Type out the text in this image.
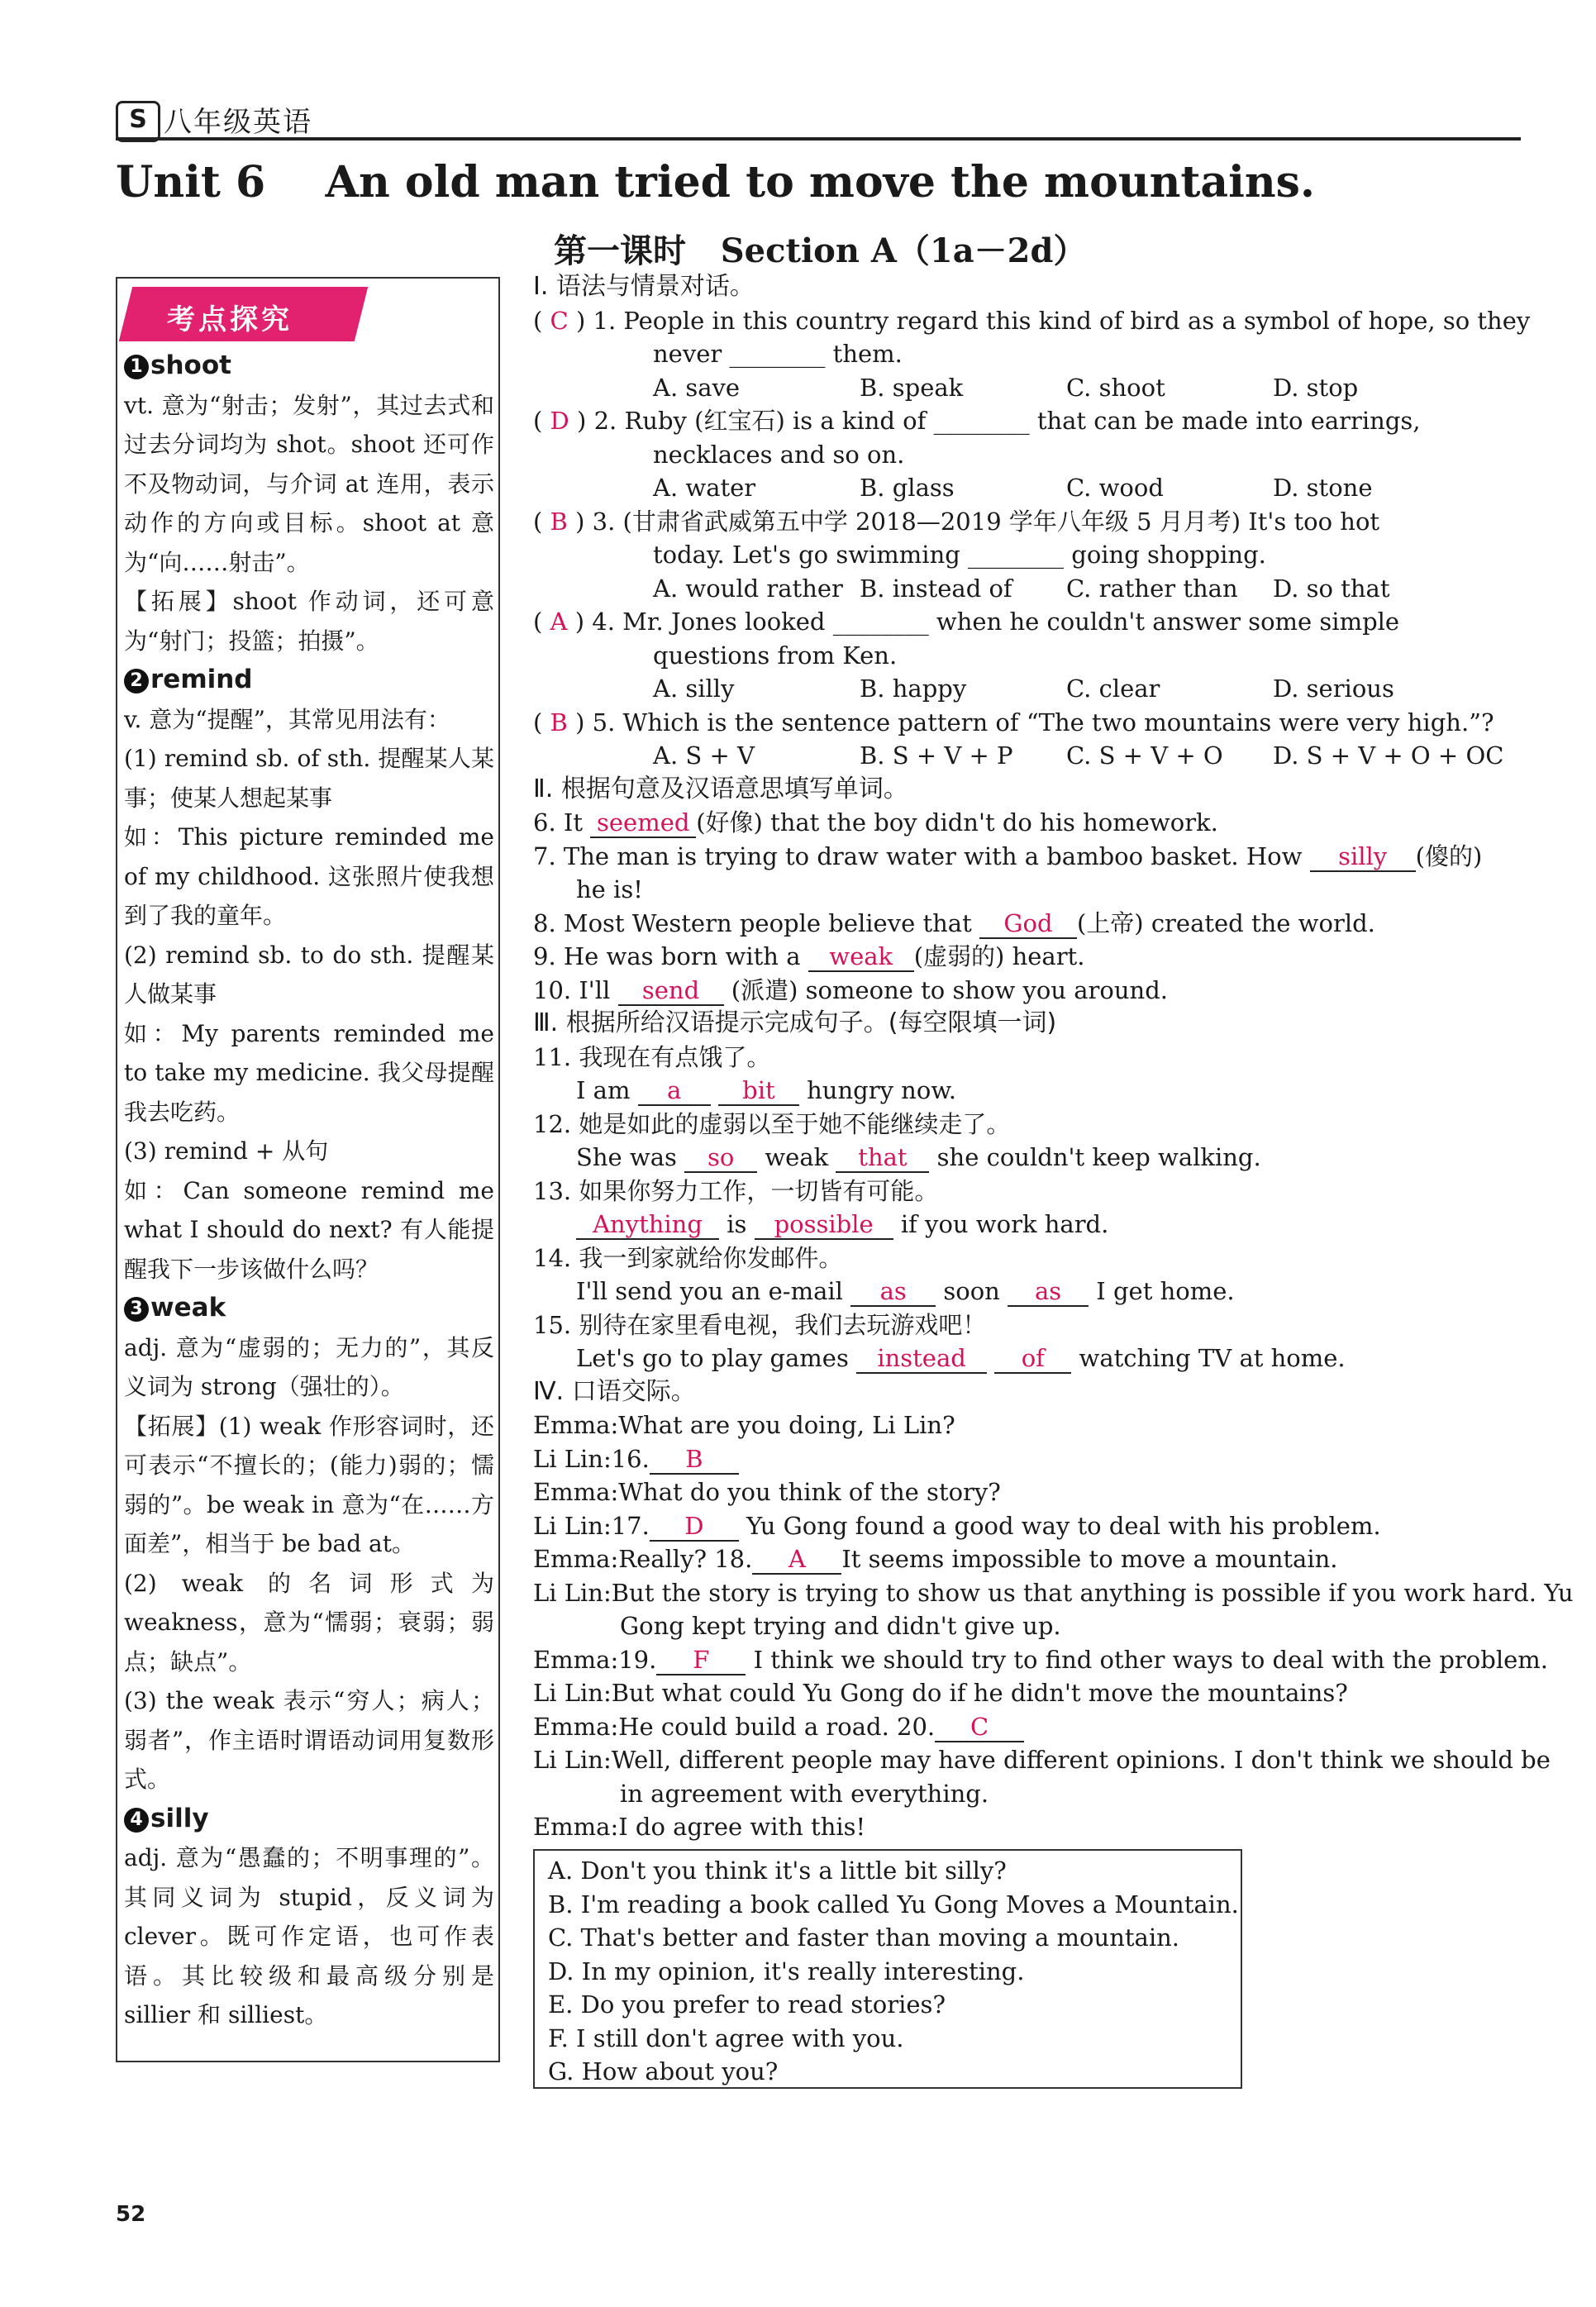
S 八年级英语
Unit 6    An old man tried to move the mountains.
第一课时   Section A（1a－2d）
考点探究

1 shoot

vt. 意为“射击；发射”，其过去式和过去分词均为 shot。shoot 还可作不及物动词，与介词 at 连用，表示动作的方向或目标。shoot at 意为“向……射击”。

【拓展】shoot 作动词，还可意为“射门；投篮；拍摄”。

2 remind

v. 意为“提醒”，其常见用法有：

(1) remind sb. of sth. 提醒某人某事；使某人想起某事

如：This picture reminded me of my childhood. 这张照片使我想到了我的童年。

(2) remind sb. to do sth. 提醒某人做某事

如：My parents reminded me to take my medicine. 我父母提醒我去吃药。

(3) remind + 从句

如：Can someone remind me what I should do next? 有人能提醒我下一步该做什么吗？

3 weak

adj. 意为“虚弱的；无力的”，其反义词为 strong（强壮的）。

【拓展】(1) weak 作形容词时，还可表示“不擅长的；(能力)弱的；懦弱的”。be weak in 意为“在……方面差”，相当于 be bad at。

(2) weak 的名词形式为 weakness，意为“懦弱；衰弱；弱点；缺点”。

(3) the weak 表示“穷人；病人；弱者”，作主语时谓语动词用复数形式。

4 silly

adj. 意为“愚蠢的；不明事理的”。其同义词为 stupid，反义词为 clever。既可作定语，也可作表语。其比较级和最高级分别是 sillier 和 silliest。

Ⅰ. 语法与情景对话。

( C ) 1. People in this country regard this kind of bird as a symbol of hope, so they

never ________ them.

A. save	B. speak	C. shoot	D. stop

( D ) 2. Ruby (红宝石) is a kind of ________ that can be made into earrings,

necklaces and so on.

A. water	B. glass	C. wood	D. stone

( B ) 3. (甘肃省武威第五中学 2018—2019 学年八年级 5 月月考) It's too hot

today. Let's go swimming ________ going shopping.

A. would rather B. instead of	C. rather than	D. so that

( A ) 4. Mr. Jones looked ________ when he couldn't answer some simple

questions from Ken.

A. silly	B. happy	C. clear	D. serious

( B ) 5. Which is the sentence pattern of “The two mountains were very high.”?

A. S + V	B. S + V + P	C. S + V + O	D. S + V + O + OC

Ⅱ. 根据句意及汉语意思填写单词。

6. It seemed (好像) that the boy didn't do his homework.

7. The man is trying to draw water with a bamboo basket. How silly (傻的)

he is!

8. Most Western people believe that God (上帝) created the world.

9. He was born with a weak (虚弱的) heart.

10. I'll send (派遣) someone to show you around.

Ⅲ. 根据所给汉语提示完成句子。(每空限填一词)

11. 我现在有点饿了。

I am a	bit hungry now.

12. 她是如此的虚弱以至于她不能继续走了。

She was so weak that she couldn't keep walking.

13. 如果你努力工作，一切皆有可能。

Anything is possible if you work hard.

14. 我一到家就给你发邮件。

I'll send you an e-mail as soon as I get home.

15. 别待在家里看电视，我们去玩游戏吧！

Let's go to play games instead of watching TV at home.

Ⅳ. 口语交际。

Emma:What are you doing, Li Lin?

Li Lin:16. B

Emma:What do you think of the story?

Li Lin:17. D Yu Gong found a good way to deal with his problem.

Emma:Really? 18. A It seems impossible to move a mountain.

Li Lin:But the story is trying to show us that anything is possible if you work hard. Yu

Gong kept trying and didn't give up.

Emma:19. F I think we should try to find other ways to deal with the problem.

Li Lin:But what could Yu Gong do if he didn't move the mountains?

Emma:He could build a road. 20. C

Li Lin:Well, different people may have different opinions. I don't think we should be

in agreement with everything.

Emma:I do agree with this!

A. Don't you think it's a little bit silly?

B. I'm reading a book called Yu Gong Moves a Mountain.

C. That's better and faster than moving a mountain.

D. In my opinion, it's really interesting.

E. Do you prefer to read stories?

F. I still don't agree with you.

G. How about you?

52
